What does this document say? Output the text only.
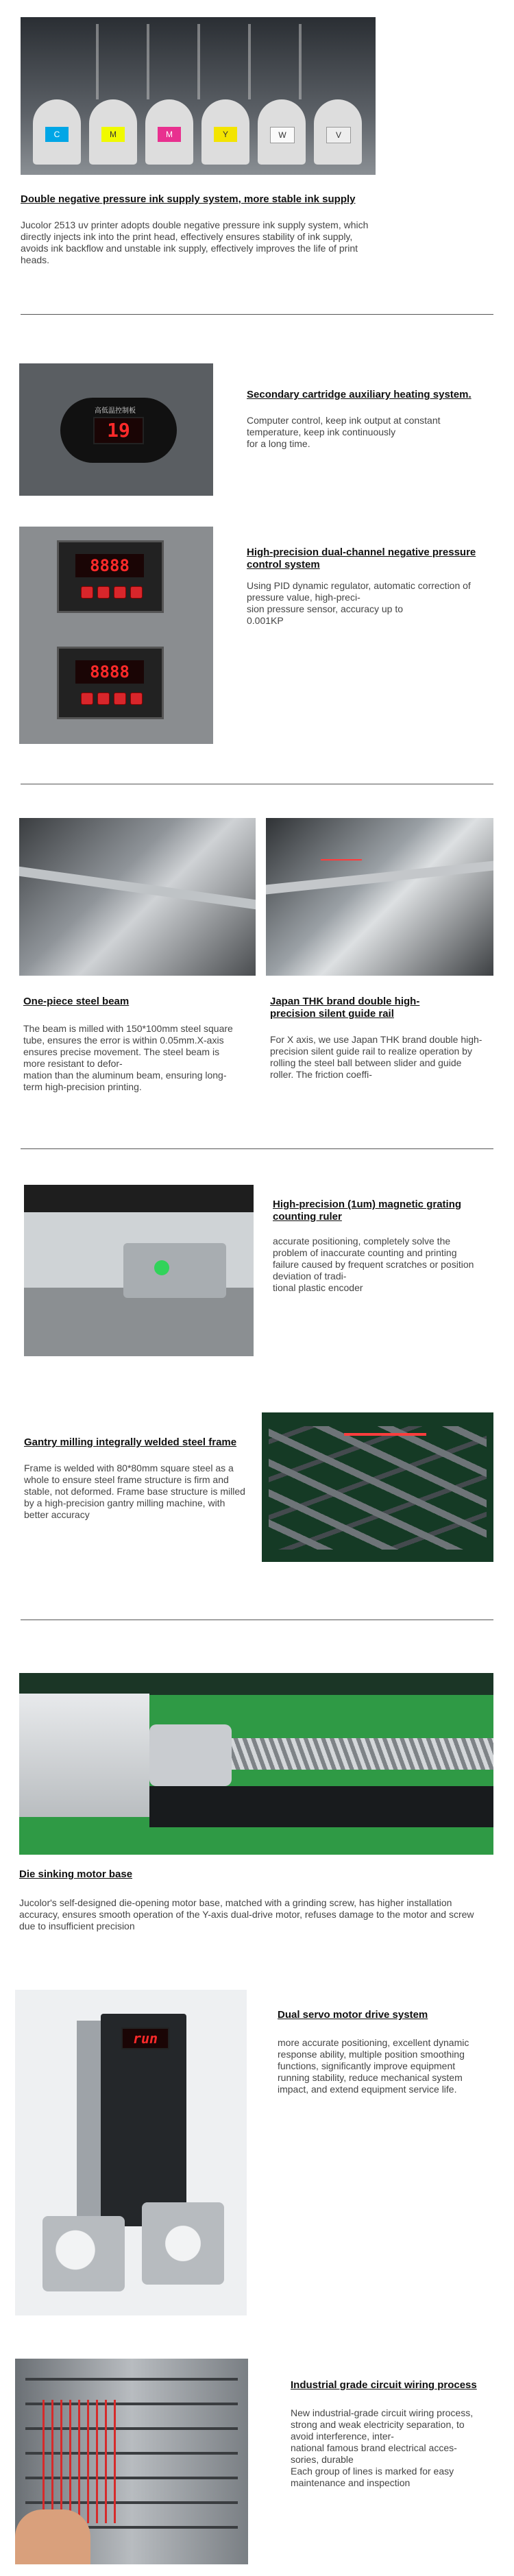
C	M	M	Y	W	V
Double negative pressure ink supply system, more stable ink supply
Jucolor 2513 uv printer adopts double negative pressure ink supply system, which directly injects ink into the print head, effectively ensures stability of ink supply, avoids ink backflow and unstable ink supply, effectively improves the life of print heads.
高低温控制板
19
Secondary cartridge auxiliary heating system.
Computer control, keep ink output at constant temperature, keep ink continuously
for a long time.
8888
8888
High-precision dual-channel negative pressure control system
Using PID dynamic regulator, automatic correction of pressure value, high-preci-
sion pressure sensor, accuracy up to
0.001KP
One-piece steel beam
The beam is milled with 150*100mm steel square tube, ensures the error is within 0.05mm.X-axis ensures precise movement. The steel beam is more resistant to defor-
mation than the aluminum beam, ensuring long-term high-precision printing.
Japan THK brand double high-precision silent guide rail
For X axis, we use Japan THK brand double high-precision silent guide rail to realize operation by rolling the steel ball between slider and guide roller. The friction coeffi-
High-precision (1um) magnetic grating counting ruler
accurate positioning, completely solve the problem of inaccurate counting and printing failure caused by frequent scratches or position deviation of tradi-
tional plastic encoder
Gantry milling integrally welded steel frame
Frame is welded with 80*80mm square steel as a whole to ensure steel frame structure is firm and stable, not deformed. Frame base structure is milled by a high-precision gantry milling machine, with better accuracy
Die sinking motor base
Jucolor's self-designed die-opening motor base, matched with a grinding screw, has higher installation accuracy, ensures smooth operation of the Y-axis dual-drive motor, refuses damage to the motor and screw due to insufficient precision
run
Dual servo motor drive system
more accurate positioning, excellent dynamic response ability, multiple position smoothing functions, significantly improve equipment running stability, reduce mechanical system impact, and extend equipment service life.
Industrial grade circuit wiring process
New industrial-grade circuit wiring process, strong and weak electricity separation, to avoid interference, inter-
national famous brand electrical acces-
sories, durable
Each group of lines is marked for easy maintenance and inspection
